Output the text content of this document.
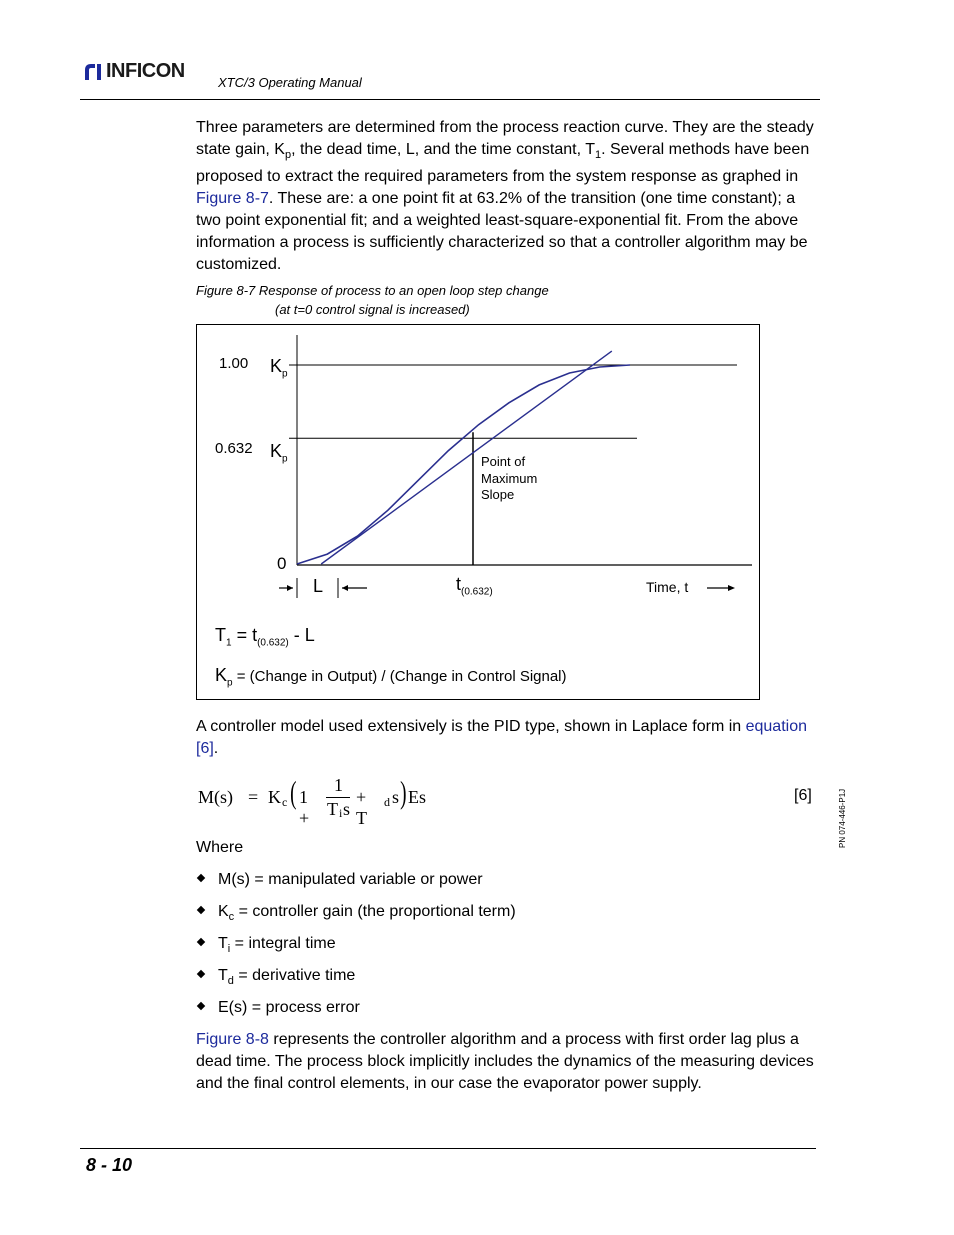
INFICON
XTC/3 Operating Manual
Three parameters are determined from the process reaction curve. They are the steady state gain, $K_p$, the dead time, L, and the time constant, $T_1$. Several methods have been proposed to extract the required parameters from the system response as graphed in Figure 8-7. These are: a one point fit at 63.2% of the transition (one time constant); a two point exponential fit; and a weighted least-square-exponential fit. From the above information a process is sufficiently characterized so that a controller algorithm may be customized.
Figure 8-7 Response of process to an open loop step change
(at t=0 control signal is increased)
1.00 $K_p$
0.632 $K_p$
0
Point of
Maximum
Slope
L	$t_{(0.632)}$	Time, t
$T_1 = t_{(0.632)} - L$
$K_p$ = (Change in Output) / (Change in Control Signal)
A controller model used extensively is the PID type, shown in Laplace form in equation [6].
M(s) = K c ( 1 +
1
T i s
+ T
d s ) Es	[6]
Where
M(s) = manipulated variable or power
$K_c$ = controller gain (the proportional term)
$T_i$ = integral time
$T_d$ = derivative time
E(s) = process error
Figure 8-8 represents the controller algorithm and a process with first order lag plus a dead time. The process block implicitly includes the dynamics of the measuring devices and the final control elements, in our case the evaporator power supply.
PN 074-446-P1J
8 - 10
